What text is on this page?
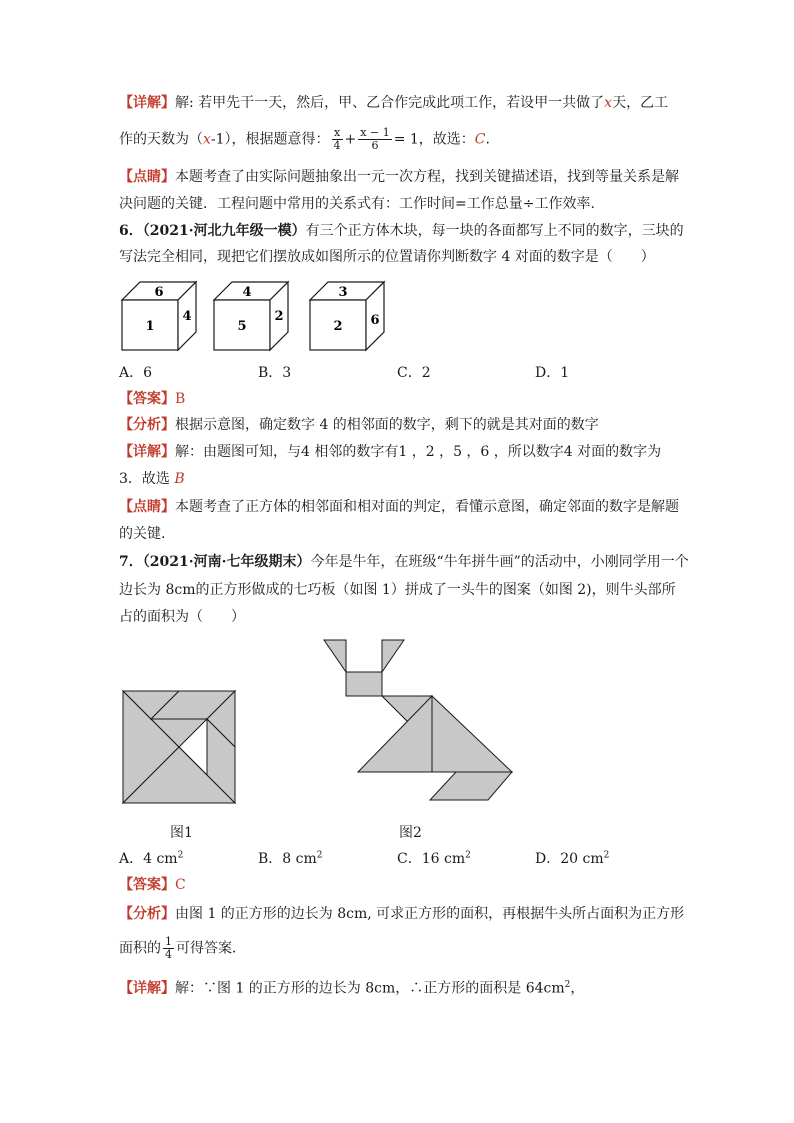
【详解】解: 若甲先干一天，然后，甲、乙合作完成此项工作，若设甲一共做了x天，乙工
作的天数为（x-1），根据题意得： $\frac{x}{4} + \frac{x - 1}{6} = 1$，故选：C.
【点睛】本题考查了由实际问题抽象出一元一次方程，找到关键描述语，找到等量关系是解
决问题的关键．工程问题中常用的关系式有：工作时间=工作总量÷工作效率.
6．（2021·河北九年级一模）有三个正方体木块，每一块的各面都写上不同的数字，三块的
写法完全相同，现把它们摆放成如图所示的位置请你判断数字 4 对面的数字是（　　）
6
1
4
4
5
2
3
2 6
A．6	B．3	C．2	D．1
【答案】B
【分析】根据示意图，确定数字 4 的相邻面的数字，剩下的就是其对面的数字
【详解】解：由题图可知，与4 相邻的数字有1 ，2 ，5 ，6 ，所以数字4 对面的数字为
3．故选 B
【点睛】本题考查了正方体的相邻面和相对面的判定，看懂示意图，确定邻面的数字是解题
的关键.
7．（2021·河南·七年级期末）今年是牛年，在班级“牛年拼牛画”的活动中，小刚同学用一个
边长为 8cm的正方形做成的七巧板（如图 1）拼成了一头牛的图案（如图 2)，则牛头部所
占的面积为（　　）
图1	图2
A．4 $cm^2$	B．8 $cm^2$	C．16 $cm^2$	D．20 $cm^2$
【答案】C
【分析】由图 1 的正方形的边长为 8cm, 可求正方形的面积，再根据牛头所占面积为正方形
面积的 $\frac{1}{4}$ 可得答案．
【详解】解：∵图 1 的正方形的边长为 8cm，∴正方形的面积是 $64cm^2$，
